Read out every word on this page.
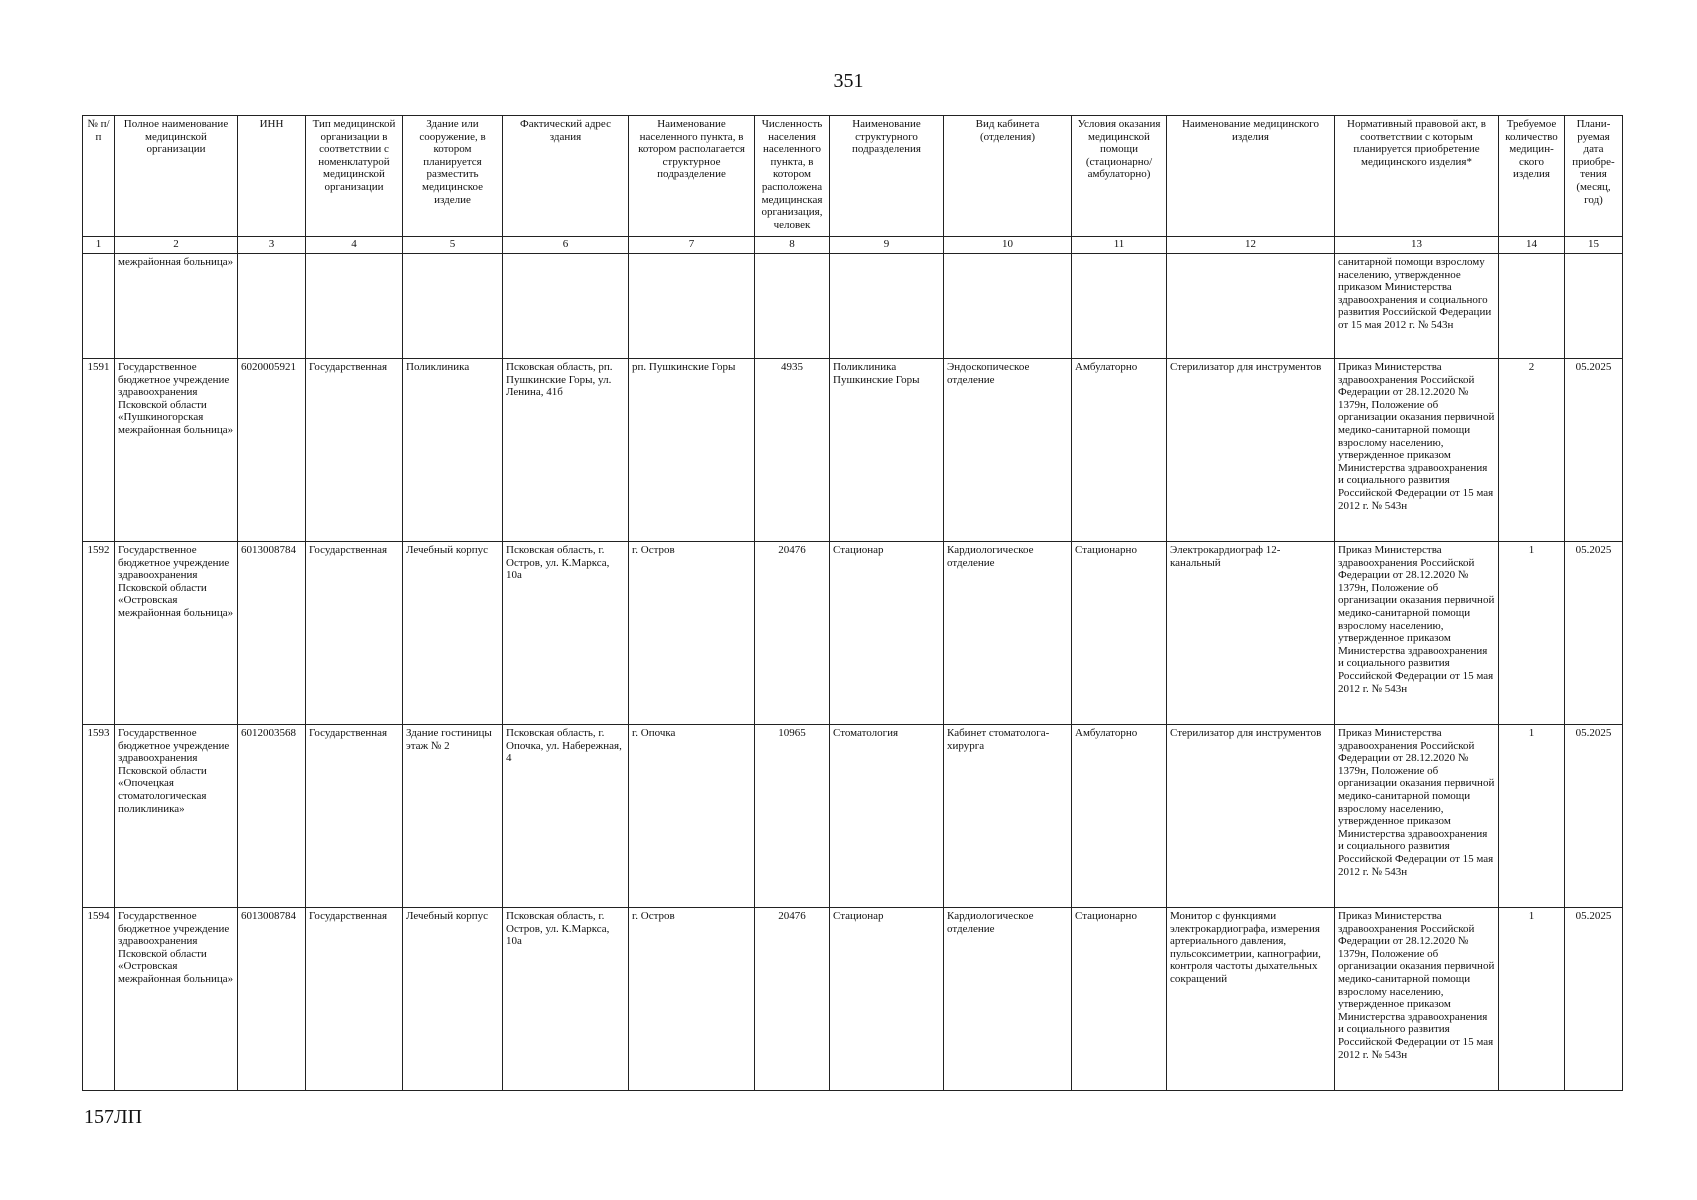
351
№ п/п	Полное наименование медицинской организации	ИНН	Тип медицинской организации в соответствии с номенклатурой медицинской организации	Здание или сооружение, в котором планируется разместить медицинское изделие	Фактический адрес здания	Наименование населенного пункта, в котором располагается структурное подразделение	Численность населения населенного пункта, в котором расположена медицинская организация, человек	Наименование структурного подразделения	Вид кабинета (отделения)	Условия оказания медицинской помощи (стационарно/ амбулаторно)	Наименование медицинского изделия	Нормативный правовой акт, в соответствии с которым планируется приобретение медицинского изделия*	Требуемое количество медицин-ского изделия	Плани-руемая дата приобре-тения (месяц, год)
1	2	3	4	5	6	7	8	9	10	11	12	13	14	15
	межрайонная больница»											санитарной помощи взрослому населению, утвержденное приказом Министерства здравоохранения и социального развития Российской Федерации от 15 мая 2012 г. № 543н		
1591	Государственное бюджетное учреждение здравоохранения Псковской области «Пушкиногорская межрайонная больница»	6020005921	Государственная	Поликлиника	Псковская область, рп. Пушкинские Горы, ул. Ленина, 41б	рп. Пушкинские Горы	4935	Поликлиника Пушкинские Горы	Эндоскопическое отделение	Амбулаторно	Стерилизатор для инструментов	Приказ Министерства здравоохранения Российской Федерации от 28.12.2020 № 1379н, Положение об организации оказания первичной медико-санитарной помощи взрослому населению, утвержденное приказом Министерства здравоохранения и социального развития Российской Федерации от 15 мая 2012 г. № 543н	2	05.2025
1592	Государственное бюджетное учреждение здравоохранения Псковской области «Островская межрайонная больница»	6013008784	Государственная	Лечебный корпус	Псковская область, г. Остров, ул. К.Маркса, 10а	г. Остров	20476	Стационар	Кардиологическое отделение	Стационарно	Электрокардиограф 12-канальный	Приказ Министерства здравоохранения Российской Федерации от 28.12.2020 № 1379н, Положение об организации оказания первичной медико-санитарной помощи взрослому населению, утвержденное приказом Министерства здравоохранения и социального развития Российской Федерации от 15 мая 2012 г. № 543н	1	05.2025
1593	Государственное бюджетное учреждение здравоохранения Псковской области «Опочецкая стоматологическая поликлиника»	6012003568	Государственная	Здание гостиницы этаж № 2	Псковская область, г. Опочка, ул. Набережная, 4	г. Опочка	10965	Стоматология	Кабинет стоматолога-хирурга	Амбулаторно	Стерилизатор для инструментов	Приказ Министерства здравоохранения Российской Федерации от 28.12.2020 № 1379н, Положение об организации оказания первичной медико-санитарной помощи взрослому населению, утвержденное приказом Министерства здравоохранения и социального развития Российской Федерации от 15 мая 2012 г. № 543н	1	05.2025
1594	Государственное бюджетное учреждение здравоохранения Псковской области «Островская межрайонная больница»	6013008784	Государственная	Лечебный корпус	Псковская область, г. Остров, ул. К.Маркса, 10а	г. Остров	20476	Стационар	Кардиологическое отделение	Стационарно	Монитор с функциями электрокардиографа, измерения артериального давления, пульсоксиметрии, капнографии, контроля частоты дыхательных сокращений	Приказ Министерства здравоохранения Российской Федерации от 28.12.2020 № 1379н, Положение об организации оказания первичной медико-санитарной помощи взрослому населению, утвержденное приказом Министерства здравоохранения и социального развития Российской Федерации от 15 мая 2012 г. № 543н	1	05.2025
157ЛП
